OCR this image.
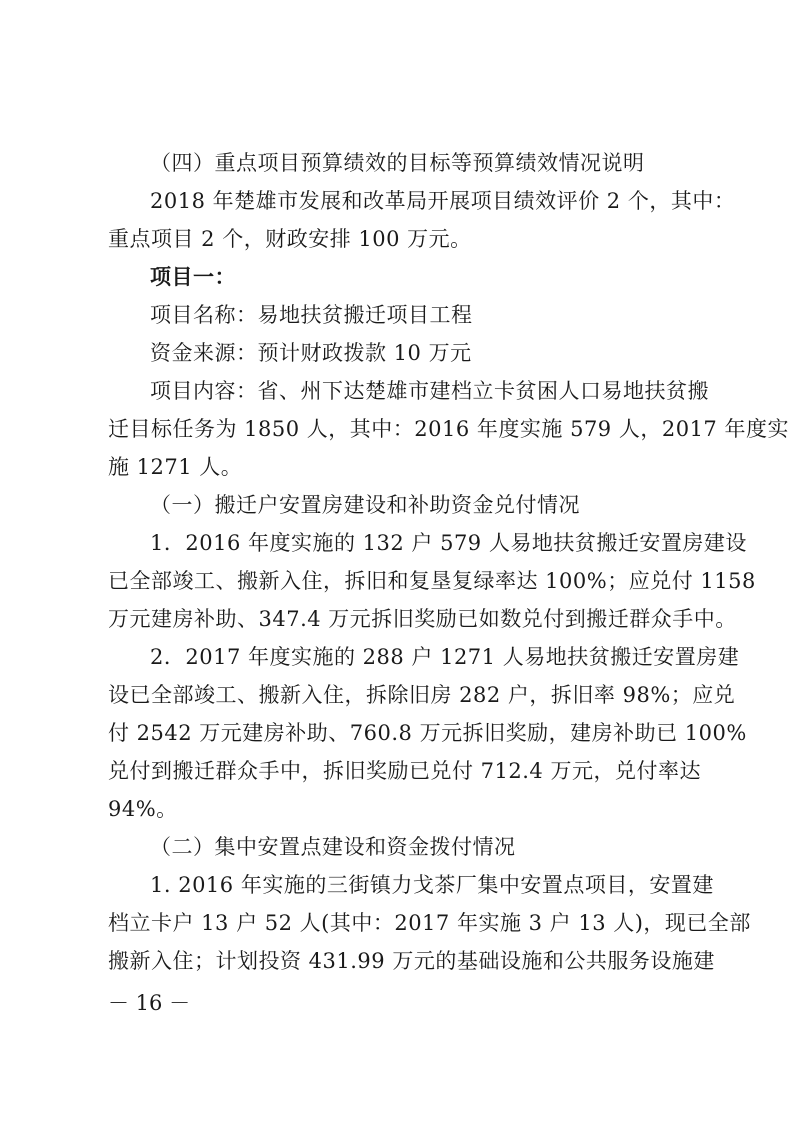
（四）重点项目预算绩效的目标等预算绩效情况说明
2018 年楚雄市发展和改革局开展项目绩效评价 2 个，其中：
重点项目 2 个，财政安排 100 万元。
项目一：
项目名称：易地扶贫搬迁项目工程
资金来源：预计财政拨款 10 万元
项目内容：省、州下达楚雄市建档立卡贫困人口易地扶贫搬
迁目标任务为 1850 人，其中：2016 年度实施 579 人，2017 年度实
施 1271 人。
（一）搬迁户安置房建设和补助资金兑付情况
1．2016 年度实施的 132 户 579 人易地扶贫搬迁安置房建设
已全部竣工、搬新入住，拆旧和复垦复绿率达 100%；应兑付 1158
万元建房补助、347.4 万元拆旧奖励已如数兑付到搬迁群众手中。
2．2017 年度实施的 288 户 1271 人易地扶贫搬迁安置房建
设已全部竣工、搬新入住，拆除旧房 282 户，拆旧率 98%；应兑
付 2542 万元建房补助、760.8 万元拆旧奖励，建房补助已 100%
兑付到搬迁群众手中，拆旧奖励已兑付 712.4 万元，兑付率达
94%。
（二）集中安置点建设和资金拨付情况
1. 2016 年实施的三街镇力戈茶厂集中安置点项目，安置建
档立卡户 13 户 52 人(其中：2017 年实施 3 户 13 人)，现已全部
搬新入住；计划投资 431.99 万元的基础设施和公共服务设施建
－ 16 －
